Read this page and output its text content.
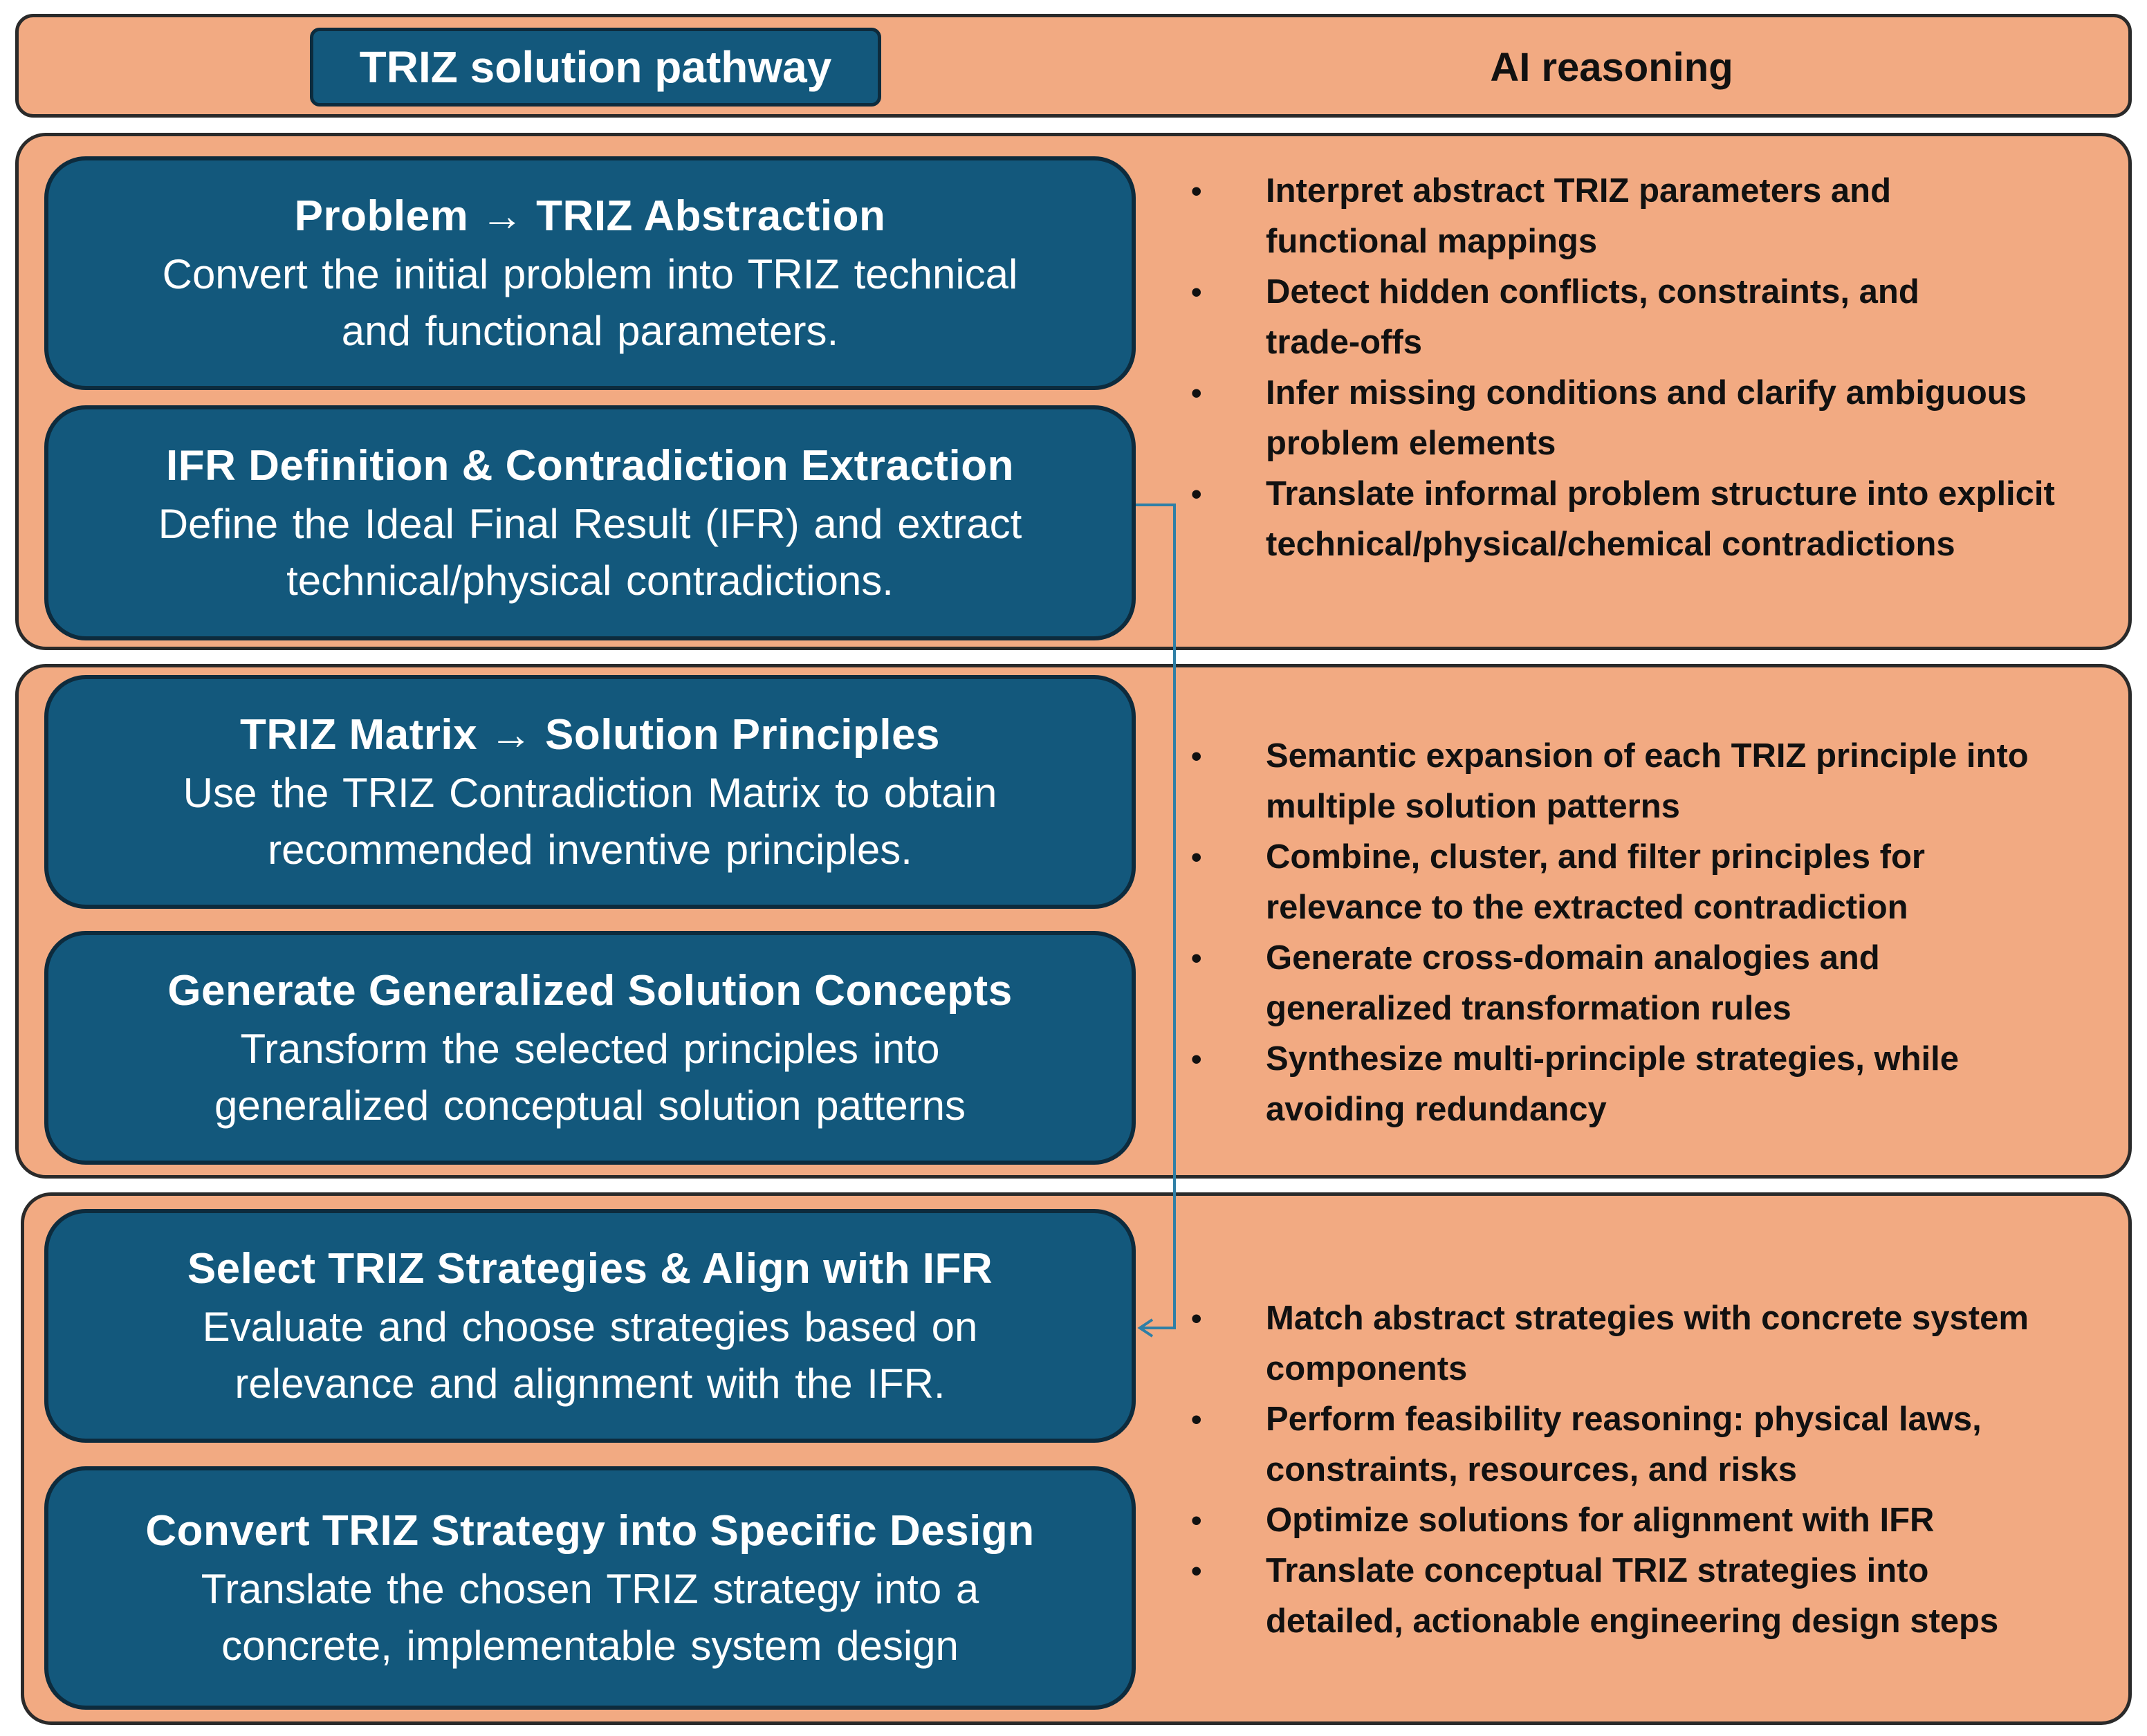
TRIZ solution pathway	AI reasoning
Problem → TRIZ Abstraction
Convert the initial problem into TRIZ technical
and functional parameters.
IFR Definition & Contradiction Extraction
Define the Ideal Final Result (IFR) and extract
technical/physical contradictions.
TRIZ Matrix → Solution Principles
Use the TRIZ Contradiction Matrix to obtain
recommended inventive principles.
Generate Generalized Solution Concepts
Transform the selected principles into
generalized conceptual solution patterns
Select TRIZ Strategies & Align with IFR
Evaluate and choose strategies based on
relevance and alignment with the IFR.
Convert TRIZ Strategy into Specific Design
Translate the chosen TRIZ strategy into a
concrete, implementable system design
• Interpret abstract TRIZ parameters and
functional mappings
• Detect hidden conflicts, constraints, and
trade-offs
• Infer missing conditions and clarify ambiguous
problem elements
• Translate informal problem structure into explicit
technical/physical/chemical contradictions
• Semantic expansion of each TRIZ principle into
multiple solution patterns
• Combine, cluster, and filter principles for
relevance to the extracted contradiction
• Generate cross-domain analogies and
generalized transformation rules
• Synthesize multi-principle strategies, while
avoiding redundancy
• Match abstract strategies with concrete system
components
• Perform feasibility reasoning: physical laws,
constraints, resources, and risks
• Optimize solutions for alignment with IFR
• Translate conceptual TRIZ strategies into
detailed, actionable engineering design steps
